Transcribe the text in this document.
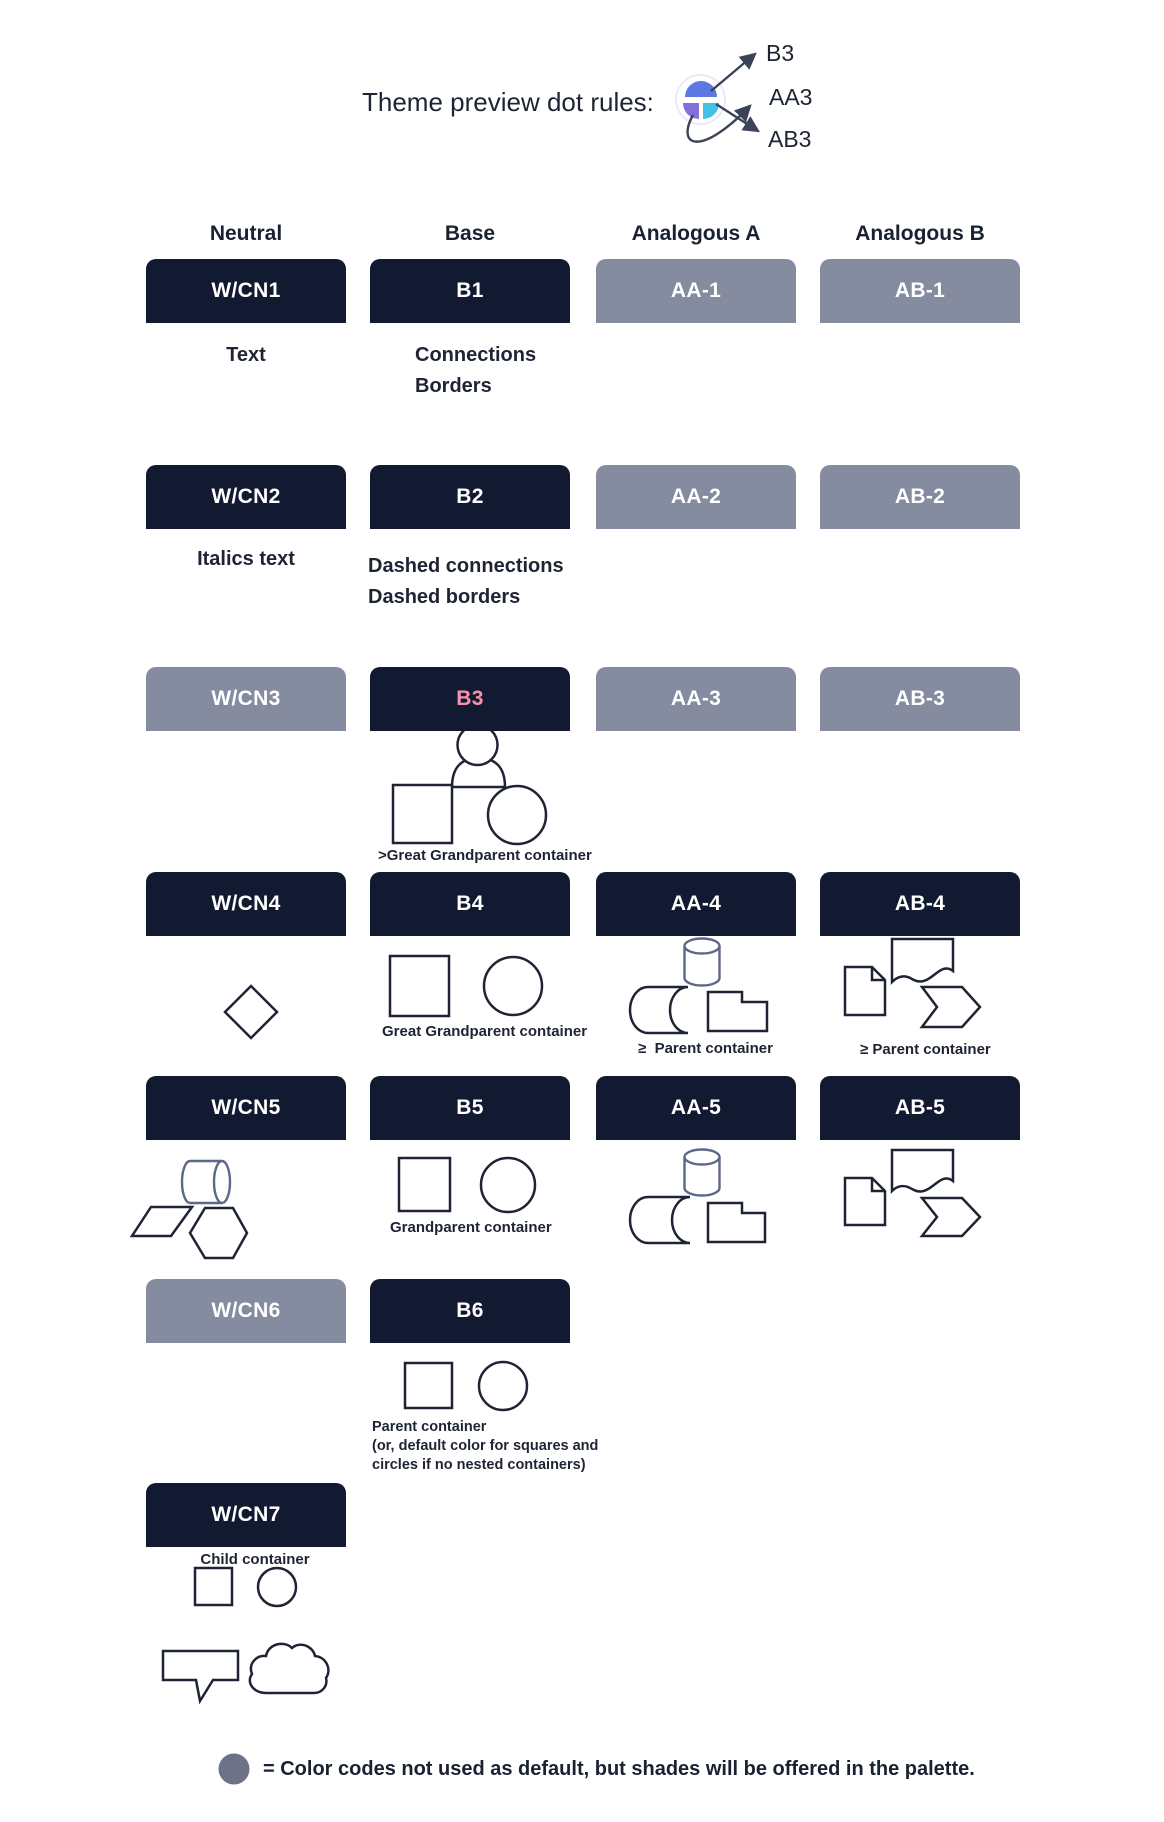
Theme preview dot rules:
B3
AA3
AB3
Neutral	Base	Analogous A	Analogous B
W/CN1	B1	AA-1	AB-1
Text	Connections
Borders
W/CN2	B2	AA-2	AB-2
Italics text	Dashed connections
Dashed borders
W/CN3	B3	AA-3	AB-3
>Great Grandparent container
W/CN4	B4	AA-4	AB-4
Great Grandparent container
≥  Parent container	≥ Parent container
W/CN5	B5	AA-5	AB-5
Grandparent container
W/CN6	B6
Parent container
(or, default color for squares and
circles if no nested containers)
W/CN7
Child container
= Color codes not used as default, but shades will be offered in the palette.
